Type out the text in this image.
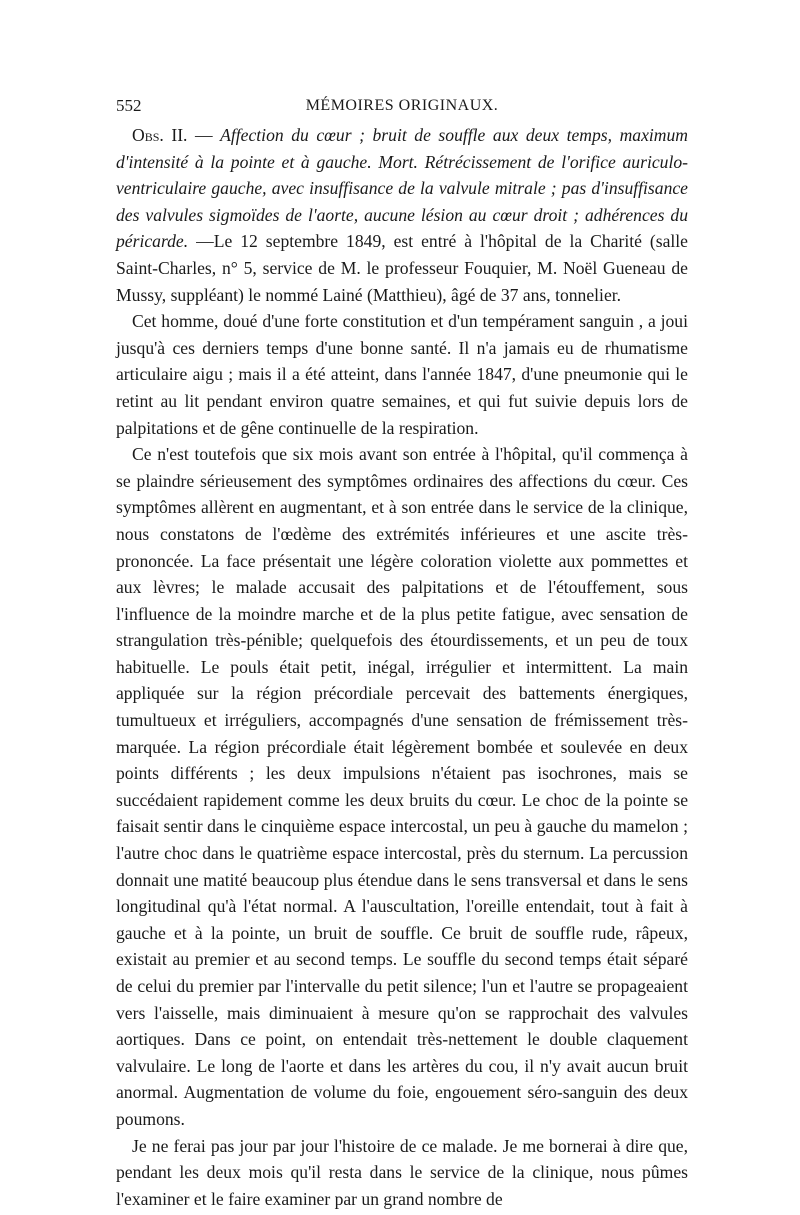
552	MÉMOIRES ORIGINAUX.

Obs. II. — Affection du cœur ; bruit de souffle aux deux temps, maximum d'intensité à la pointe et à gauche. Mort. Rétrécissement de l'orifice auriculo-ventriculaire gauche, avec insuffisance de la valvule mitrale ; pas d'insuffisance des valvules sigmoïdes de l'aorte, aucune lésion au cœur droit ; adhérences du péricarde. —Le 12 septembre 1849, est entré à l'hôpital de la Charité (salle Saint-Charles, n° 5, service de M. le professeur Fouquier, M. Noël Gueneau de Mussy, suppléant) le nommé Lainé (Matthieu), âgé de 37 ans, tonnelier.

Cet homme, doué d'une forte constitution et d'un tempérament sanguin , a joui jusqu'à ces derniers temps d'une bonne santé. Il n'a jamais eu de rhumatisme articulaire aigu ; mais il a été atteint, dans l'année 1847, d'une pneumonie qui le retint au lit pendant environ quatre semaines, et qui fut suivie depuis lors de palpitations et de gêne continuelle de la respiration.

Ce n'est toutefois que six mois avant son entrée à l'hôpital, qu'il commença à se plaindre sérieusement des symptômes ordinaires des affections du cœur. Ces symptômes allèrent en augmentant, et à son entrée dans le service de la clinique, nous constatons de l'œdème des extrémités inférieures et une ascite très-prononcée. La face présentait une légère coloration violette aux pommettes et aux lèvres; le malade accusait des palpitations et de l'étouffement, sous l'influence de la moindre marche et de la plus petite fatigue, avec sensation de strangulation très-pénible; quelquefois des étourdissements, et un peu de toux habituelle. Le pouls était petit, inégal, irrégulier et intermittent. La main appliquée sur la région précordiale percevait des battements énergiques, tumultueux et irréguliers, accompagnés d'une sensation de frémissement très-marquée. La région précordiale était légèrement bombée et soulevée en deux points différents ; les deux impulsions n'étaient pas isochrones, mais se succédaient rapidement comme les deux bruits du cœur. Le choc de la pointe se faisait sentir dans le cinquième espace intercostal, un peu à gauche du mamelon ; l'autre choc dans le quatrième espace intercostal, près du sternum. La percussion donnait une matité beaucoup plus étendue dans le sens transversal et dans le sens longitudinal qu'à l'état normal. A l'auscultation, l'oreille entendait, tout à fait à gauche et à la pointe, un bruit de souffle. Ce bruit de souffle rude, râpeux, existait au premier et au second temps. Le souffle du second temps était séparé de celui du premier par l'intervalle du petit silence; l'un et l'autre se propageaient vers l'aisselle, mais diminuaient à mesure qu'on se rapprochait des valvules aortiques. Dans ce point, on entendait très-nettement le double claquement valvulaire. Le long de l'aorte et dans les artères du cou, il n'y avait aucun bruit anormal. Augmentation de volume du foie, engouement séro-sanguin des deux poumons.

Je ne ferai pas jour par jour l'histoire de ce malade. Je me bornerai à dire que, pendant les deux mois qu'il resta dans le service de la clinique, nous pûmes l'examiner et le faire examiner par un grand nombre de
